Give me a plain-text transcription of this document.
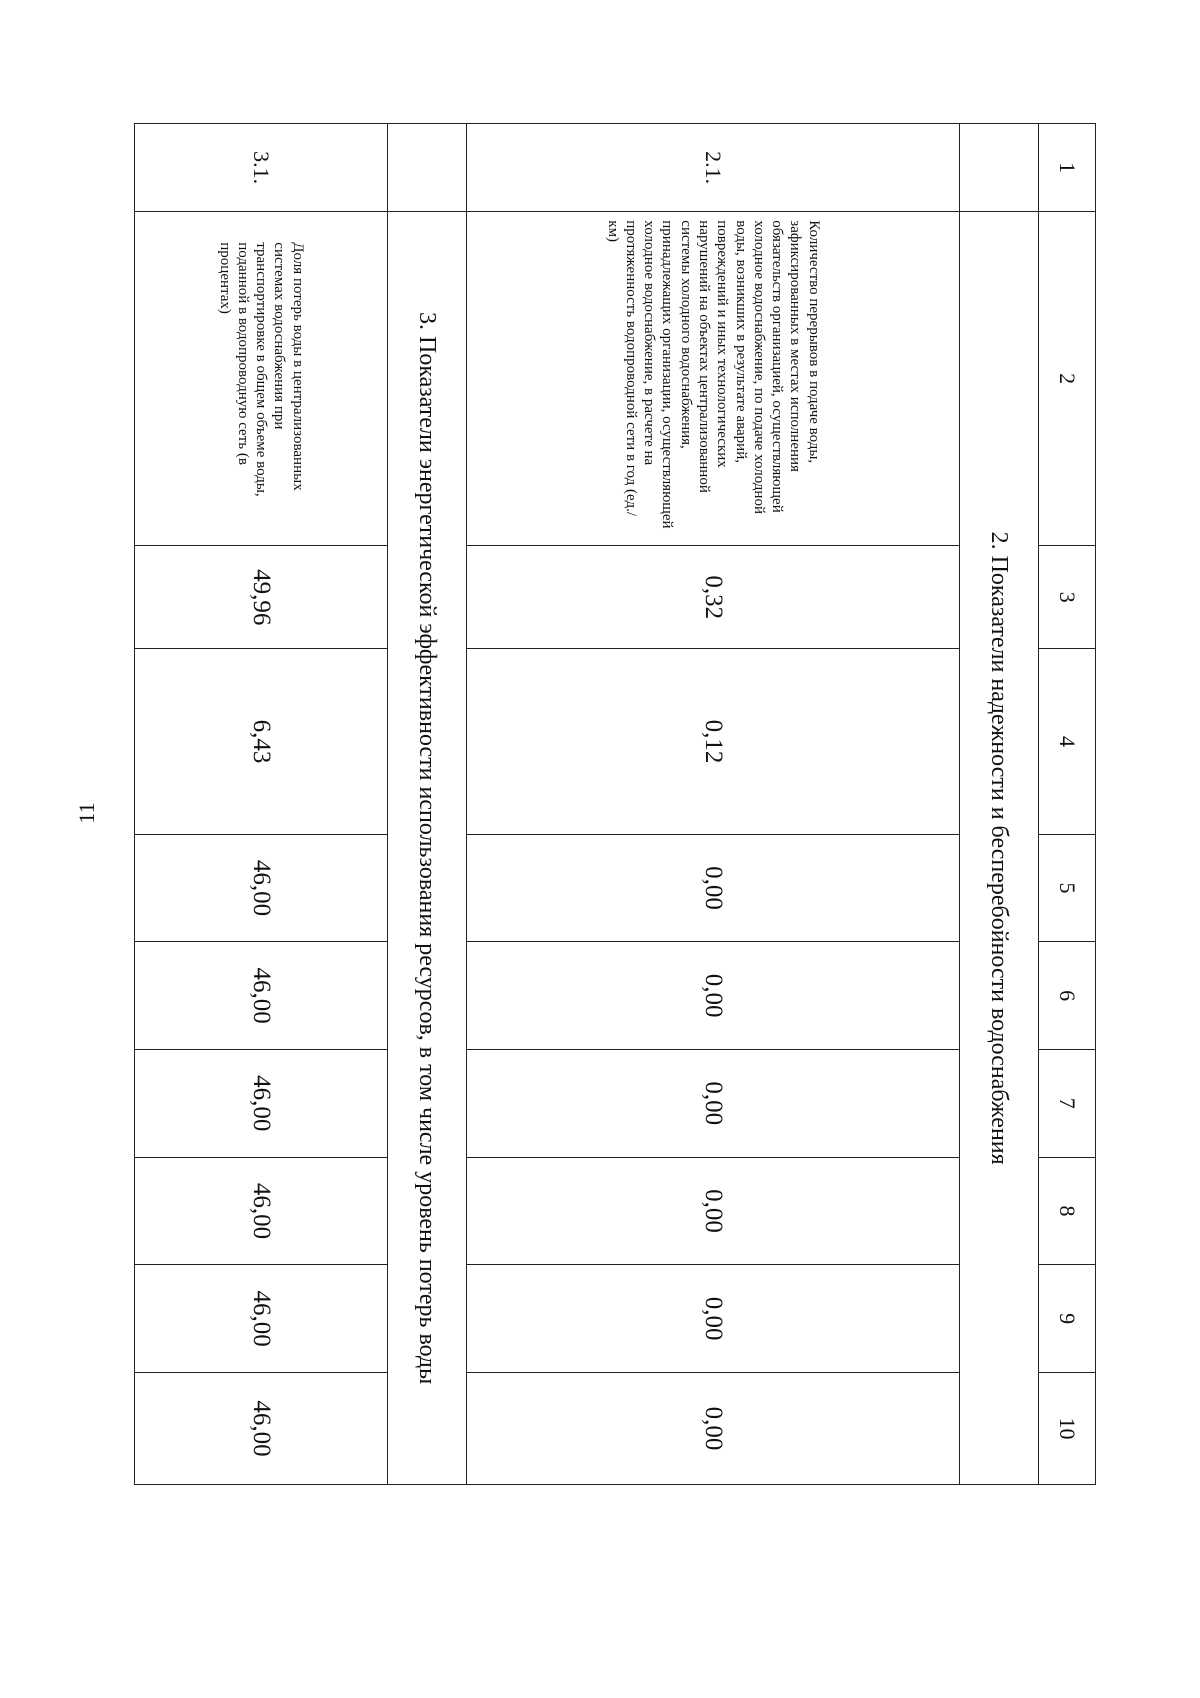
11
1	2	3	4	5	6	7	8	9	10
	2. Показатели надежности и бесперебойности водоснабжения								
2.1.	Количество перерывов в подаче воды, зафиксированных в местах исполнения обязательств организацией, осуществляющей холодное водоснабжение, по подаче холодной воды, возникших в результате аварий, повреждений и иных технологических нарушений на объектах централизованной системы холодного водоснабжения, принадлежащих организации, осуществляющей холодное водоснабжение, в расчете на протяженность водопроводной сети в год (ед./км)	0,32	0,12	0,00	0,00	0,00	0,00	0,00	0,00
	3. Показатели энергетической эффективности использования ресурсов, в том числе уровень потерь воды								
3.1.	Доля потерь воды в централизованных системах водоснабжения при транспортировке в общем объеме воды, поданной в водопроводную сеть (в процентах)	49,96	6,43	46,00	46,00	46,00	46,00	46,00	46,00
